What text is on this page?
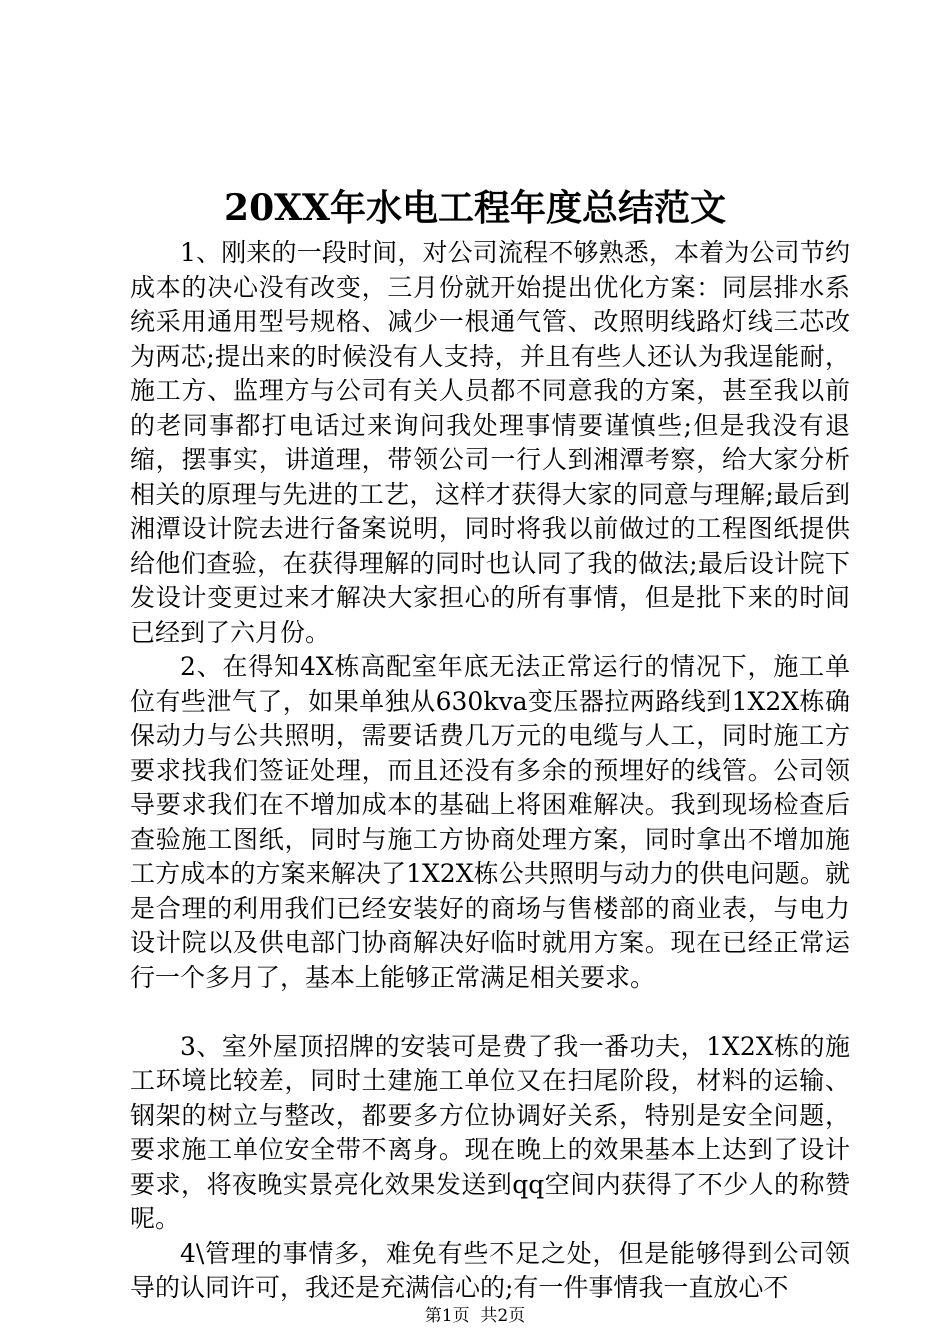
20XX年水电工程年度总结范文

1、刚来的一段时间，对公司流程不够熟悉，本着为公司节约成本的决心没有改变，三月份就开始提出优化方案：同层排水系统采用通用型号规格、减少一根通气管、改照明线路灯线三芯改为两芯;提出来的时候没有人支持，并且有些人还认为我逞能耐，施工方、监理方与公司有关人员都不同意我的方案，甚至我以前的老同事都打电话过来询问我处理事情要谨慎些;但是我没有退缩，摆事实，讲道理，带领公司一行人到湘潭考察，给大家分析相关的原理与先进的工艺，这样才获得大家的同意与理解;最后到湘潭设计院去进行备案说明，同时将我以前做过的工程图纸提供给他们查验，在获得理解的同时也认同了我的做法;最后设计院下发设计变更过来才解决大家担心的所有事情，但是批下来的时间已经到了六月份。

2、在得知4X栋高配室年底无法正常运行的情况下，施工单位有些泄气了，如果单独从630kva变压器拉两路线到1X2X栋确保动力与公共照明，需要话费几万元的电缆与人工，同时施工方要求找我们签证处理，而且还没有多余的预埋好的线管。公司领导要求我们在不增加成本的基础上将困难解决。我到现场检查后查验施工图纸，同时与施工方协商处理方案，同时拿出不增加施工方成本的方案来解决了1X2X栋公共照明与动力的供电问题。就是合理的利用我们已经安装好的商场与售楼部的商业表，与电力设计院以及供电部门协商解决好临时就用方案。现在已经正常运行一个多月了，基本上能够正常满足相关要求。

3、室外屋顶招牌的安装可是费了我一番功夫，1X2X栋的施工环境比较差，同时土建施工单位又在扫尾阶段，材料的运输、钢架的树立与整改，都要多方位协调好关系，特别是安全问题，要求施工单位安全带不离身。现在晚上的效果基本上达到了设计要求，将夜晚实景亮化效果发送到qq空间内获得了不少人的称赞呢。

4\管理的事情多，难免有些不足之处，但是能够得到公司领导的认同许可，我还是充满信心的;有一件事情我一直放心不

第1页  共2页
